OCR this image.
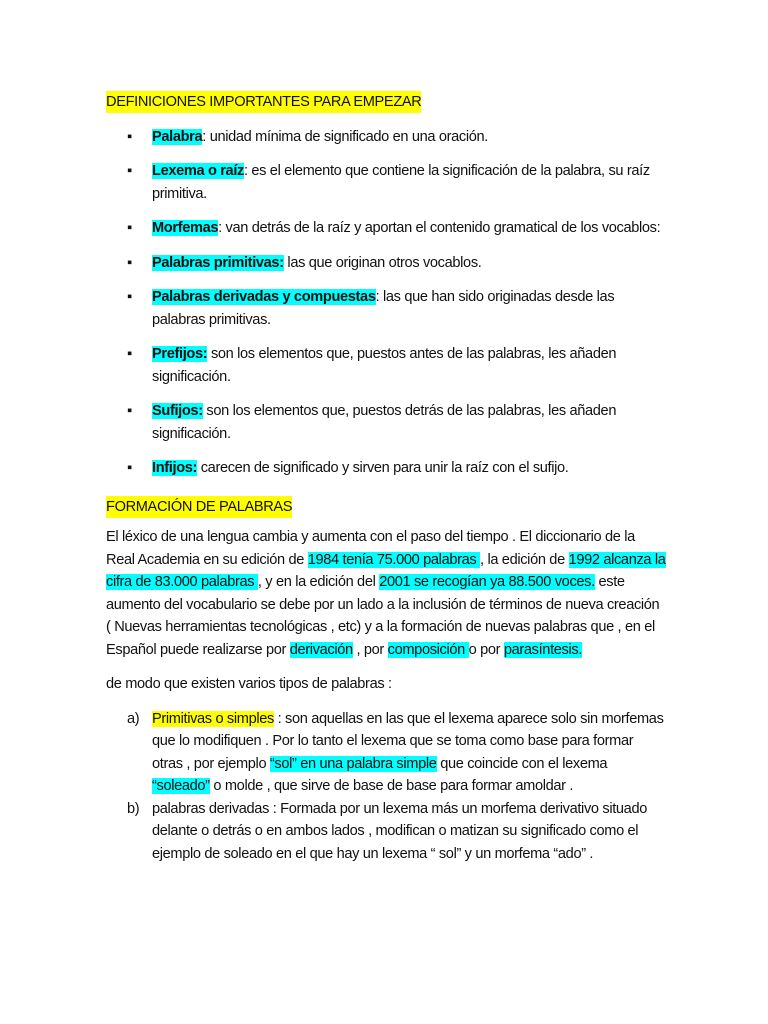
DEFINICIONES IMPORTANTES PARA EMPEZAR
▪ Palabra: unidad mínima de significado en una oración.
▪ Lexema o raíz: es el elemento que contiene la significación de la palabra, su raíz primitiva.
▪ Morfemas: van detrás de la raíz y aportan el contenido gramatical de los vocablos:
▪ Palabras primitivas: las que originan otros vocablos.
▪ Palabras derivadas y compuestas: las que han sido originadas desde las palabras primitivas.
▪ Prefijos: son los elementos que, puestos antes de las palabras, les añaden significación.
▪ Sufijos: son los elementos que, puestos detrás de las palabras, les añaden significación.
▪ Infijos: carecen de significado y sirven para unir la raíz con el sufijo.
FORMACIÓN DE PALABRAS

El léxico de una lengua cambia y aumenta con el paso del tiempo . El diccionario de la Real Academia en su edición de 1984 tenía 75.000 palabras , la edición de 1992 alcanza la cifra de 83.000 palabras , y en la edición del 2001 se recogían ya 88.500 voces. este aumento del vocabulario se debe por un lado a la inclusión de términos de nueva creación ( Nuevas herramientas tecnológicas , etc) y a la formación de nuevas palabras que , en el Español puede realizarse por derivación , por composición o por parasíntesis.

de modo que existen varios tipos de palabras :

a) Primitivas o simples : son aquellas en las que el lexema aparece solo sin morfemas que lo modifiquen . Por lo tanto el lexema que se toma como base para formar otras , por ejemplo “sol” en una palabra simple que coincide con el lexema “soleado” o molde , que sirve de base de base para formar amoldar .
b) palabras derivadas : Formada por un lexema más un morfema derivativo situado delante o detrás o en ambos lados , modifican o matizan su significado como el ejemplo de soleado en el que hay un lexema “ sol” y un morfema “ado” .
